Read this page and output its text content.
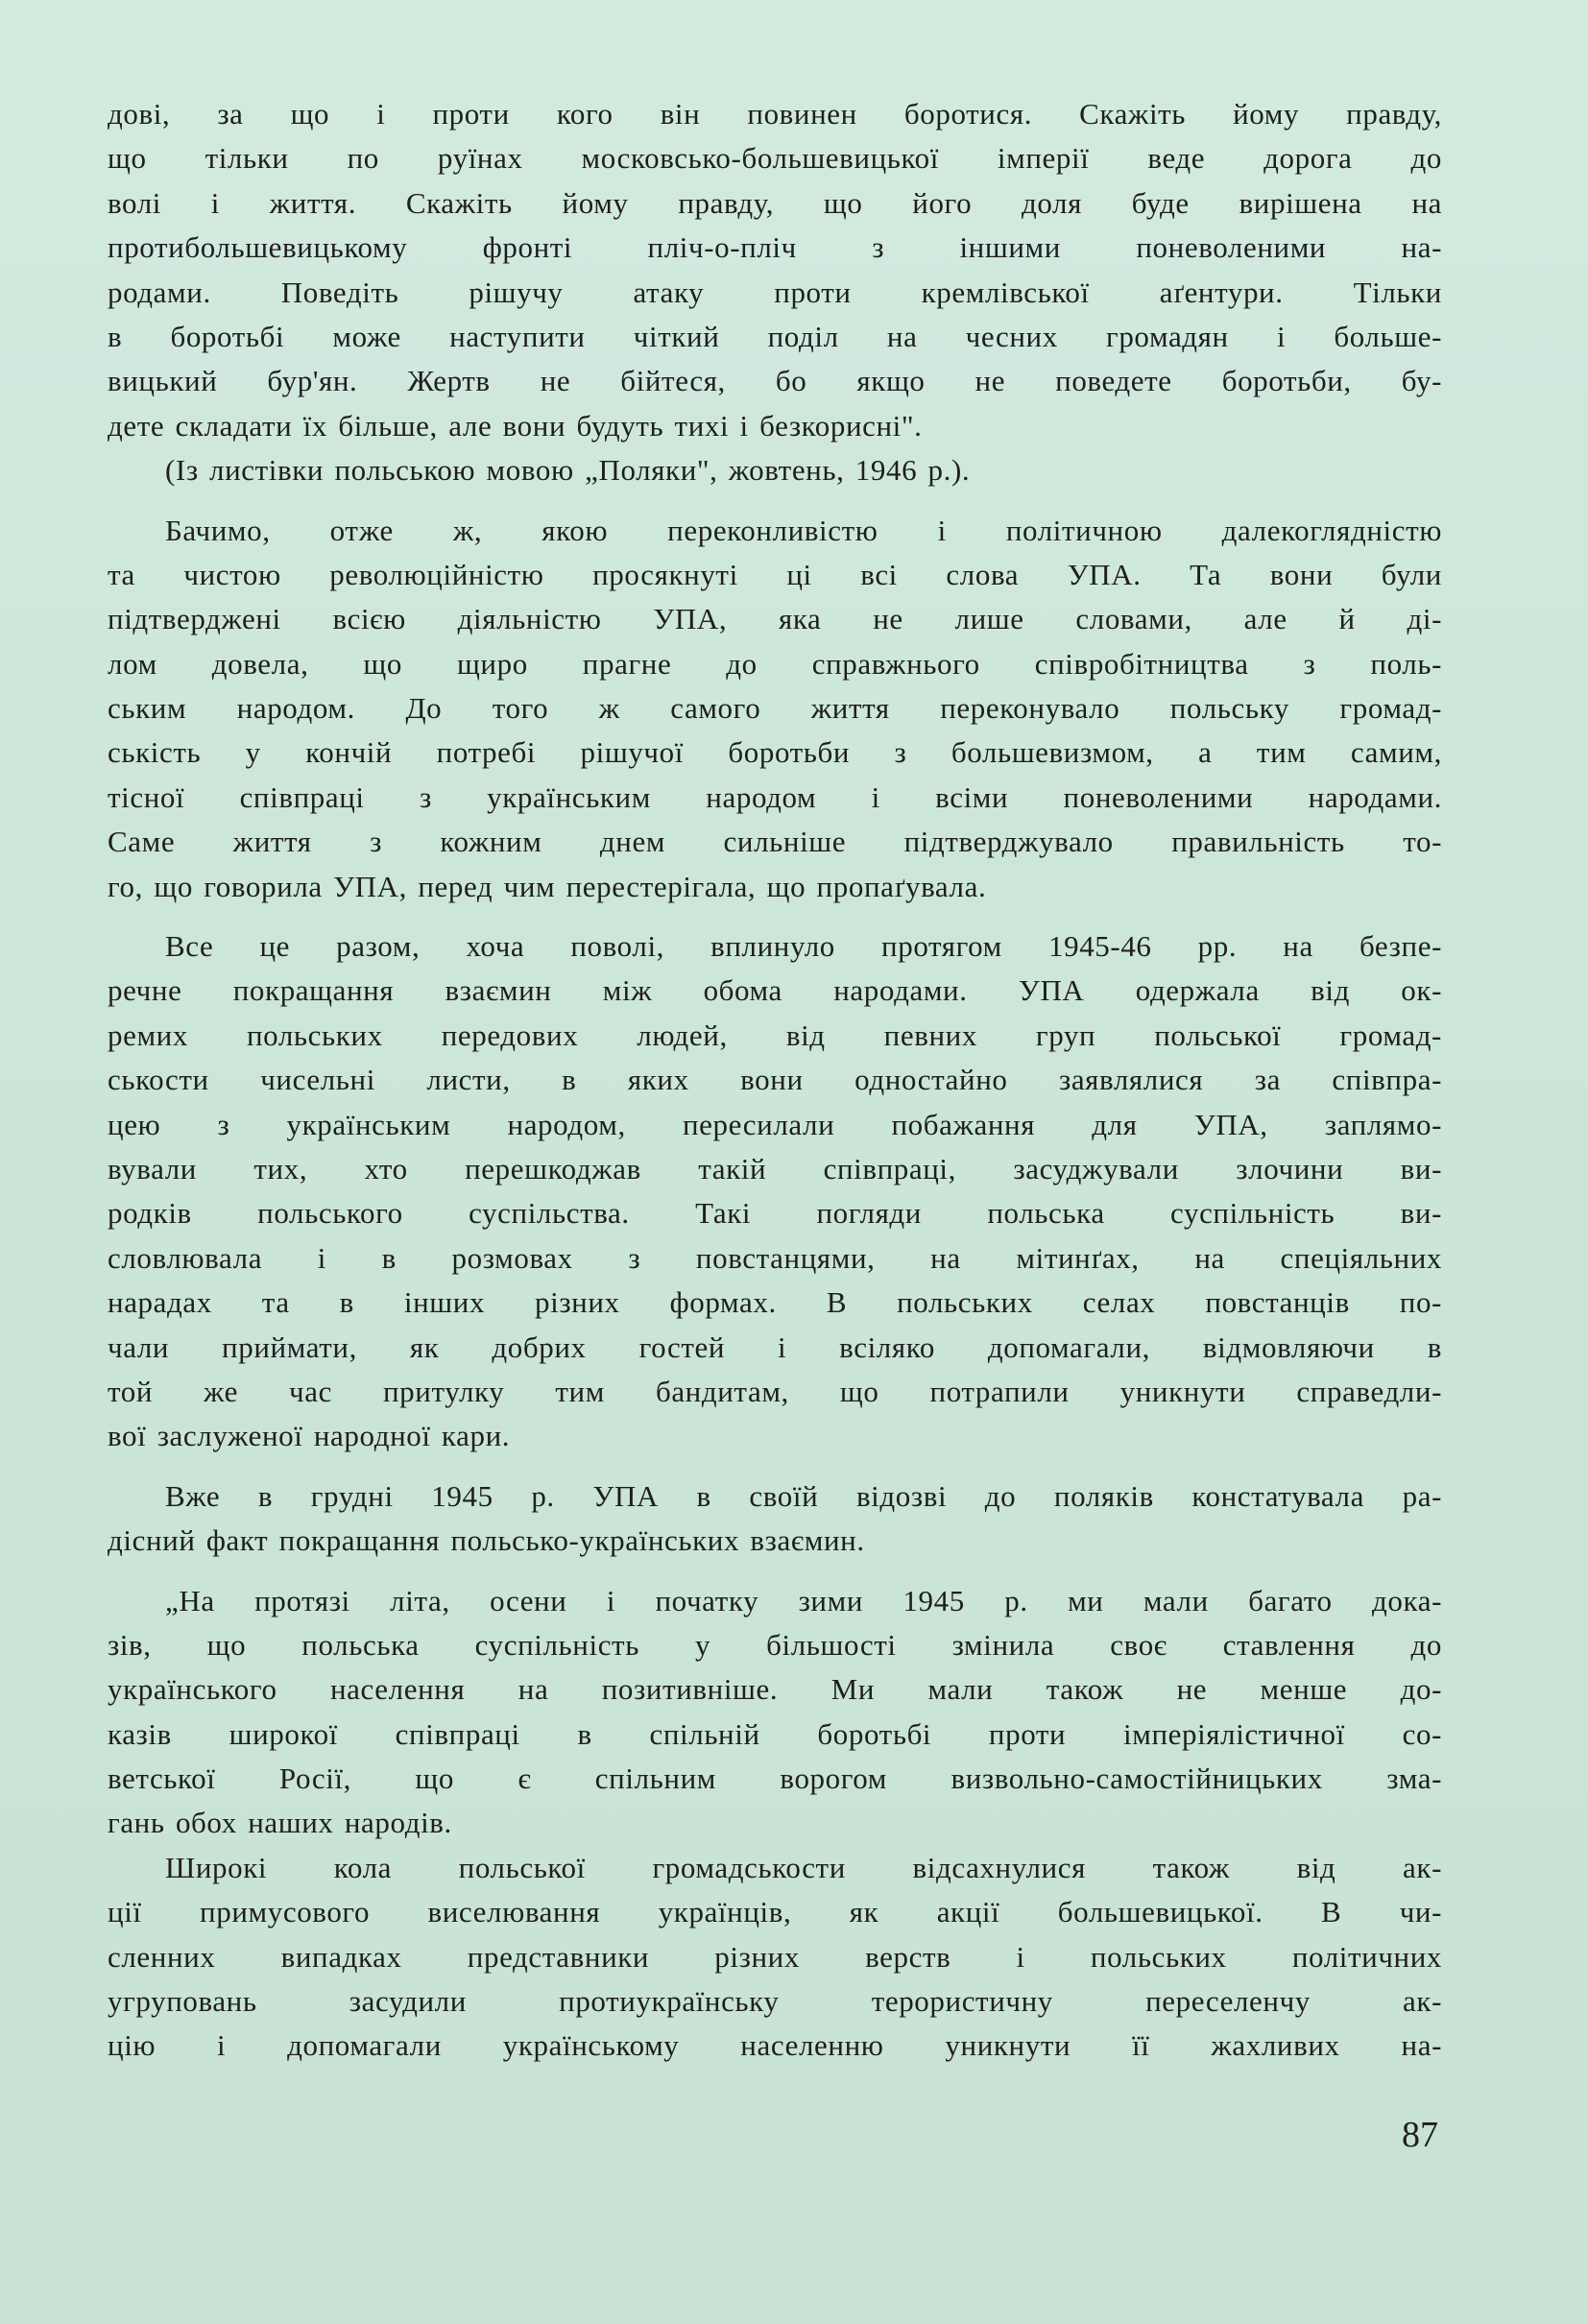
дові, за що і проти кого він повинен боротися. Скажіть йому правду,
що тільки по руїнах московсько-большевицької імперії веде дорога до
волі і життя. Скажіть йому правду, що його доля буде вирішена на
протибольшевицькому фронті пліч-о-пліч з іншими поневоленими на-
родами. Поведіть рішучу атаку проти кремлівської аґентури. Тільки
в боротьбі може наступити чіткий поділ на чесних громадян і больше-
вицький бур'ян. Жертв не бійтеся, бо якщо не поведете боротьби, бу-
дете складати їх більше, але вони будуть тихі і безкорисні".
(Із листівки польською мовою „Поляки", жовтень, 1946 р.).
Бачимо, отже ж, якою переконливістю і політичною далекоглядністю
та чистою революційністю просякнуті ці всі слова УПА. Та вони були
підтверджені всією діяльністю УПА, яка не лише словами, але й ді-
лом довела, що щиро прагне до справжнього співробітництва з поль-
ським народом. До того ж самого життя переконувало польську громад-
ськість у кончій потребі рішучої боротьби з большевизмом, а тим самим,
тісної співпраці з українським народом і всіми поневоленими народами.
Саме життя з кожним днем сильніше підтверджувало правильність то-
го, що говорила УПА, перед чим перестерігала, що пропаґувала.
Все це разом, хоча поволі, вплинуло протягом 1945-46 рр. на безпе-
речне покращання взаємин між обома народами. УПА одержала від ок-
ремих польських передових людей, від певних груп польської громад-
ськости чисельні листи, в яких вони одностайно заявлялися за співпра-
цею з українським народом, пересилали побажання для УПА, заплямо-
вували тих, хто перешкоджав такій співпраці, засуджували злочини ви-
родків польського суспільства. Такі погляди польська суспільність ви-
словлювала і в розмовах з повстанцями, на мітинґах, на спеціяльних
нарадах та в інших різних формах. В польських селах повстанців по-
чали приймати, як добрих гостей і всіляко допомагали, відмовляючи в
той же час притулку тим бандитам, що потрапили уникнути справедли-
вої заслуженої народної кари.
Вже в грудні 1945 р. УПА в своїй відозві до поляків констатувала ра-
дісний факт покращання польсько-українських взаємин.
„На протязі літа, осени і початку зими 1945 р. ми мали багато дока-
зів, що польська суспільність у більшості змінила своє ставлення до
українського населення на позитивніше. Ми мали також не менше до-
казів широкої співпраці в спільній боротьбі проти імперіялістичної со-
ветської Росії, що є спільним ворогом визвольно-самостійницьких зма-
гань обох наших народів.
Широкі кола польської громадськости відсахнулися також від ак-
ції примусового виселювання українців, як акції большевицької. В чи-
сленних випадках представники різних верств і польських політичних
угруповань засудили протиукраїнську терористичну переселенчу ак-
цію і допомагали українському населенню уникнути її жахливих на-
87
